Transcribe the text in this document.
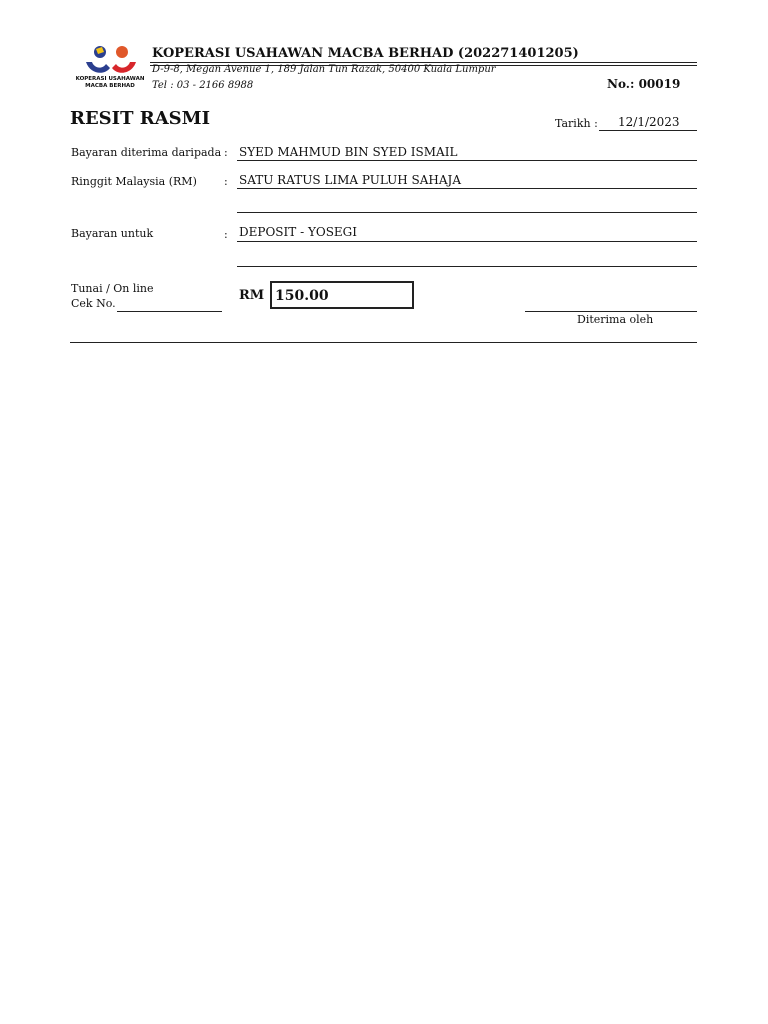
KOPERASI USAHAWAN
MACBA BERHAD
KOPERASI USAHAWAN MACBA BERHAD (202271401205)
D-9-8, Megan Avenue 1, 189 Jalan Tun Razak, 50400 Kuala Lumpur
Tel : 03 - 2166 8988	No.: 00019
RESIT RASMI	Tarikh : 12/1/2023
Bayaran diterima daripada : SYED MAHMUD BIN SYED ISMAIL
Ringgit Malaysia (RM) : SATU RATUS LIMA PULUH SAHAJA
Bayaran untuk	: DEPOSIT - YOSEGI
Tunai / On line
Cek No.
RM 150.00
Diterima oleh
